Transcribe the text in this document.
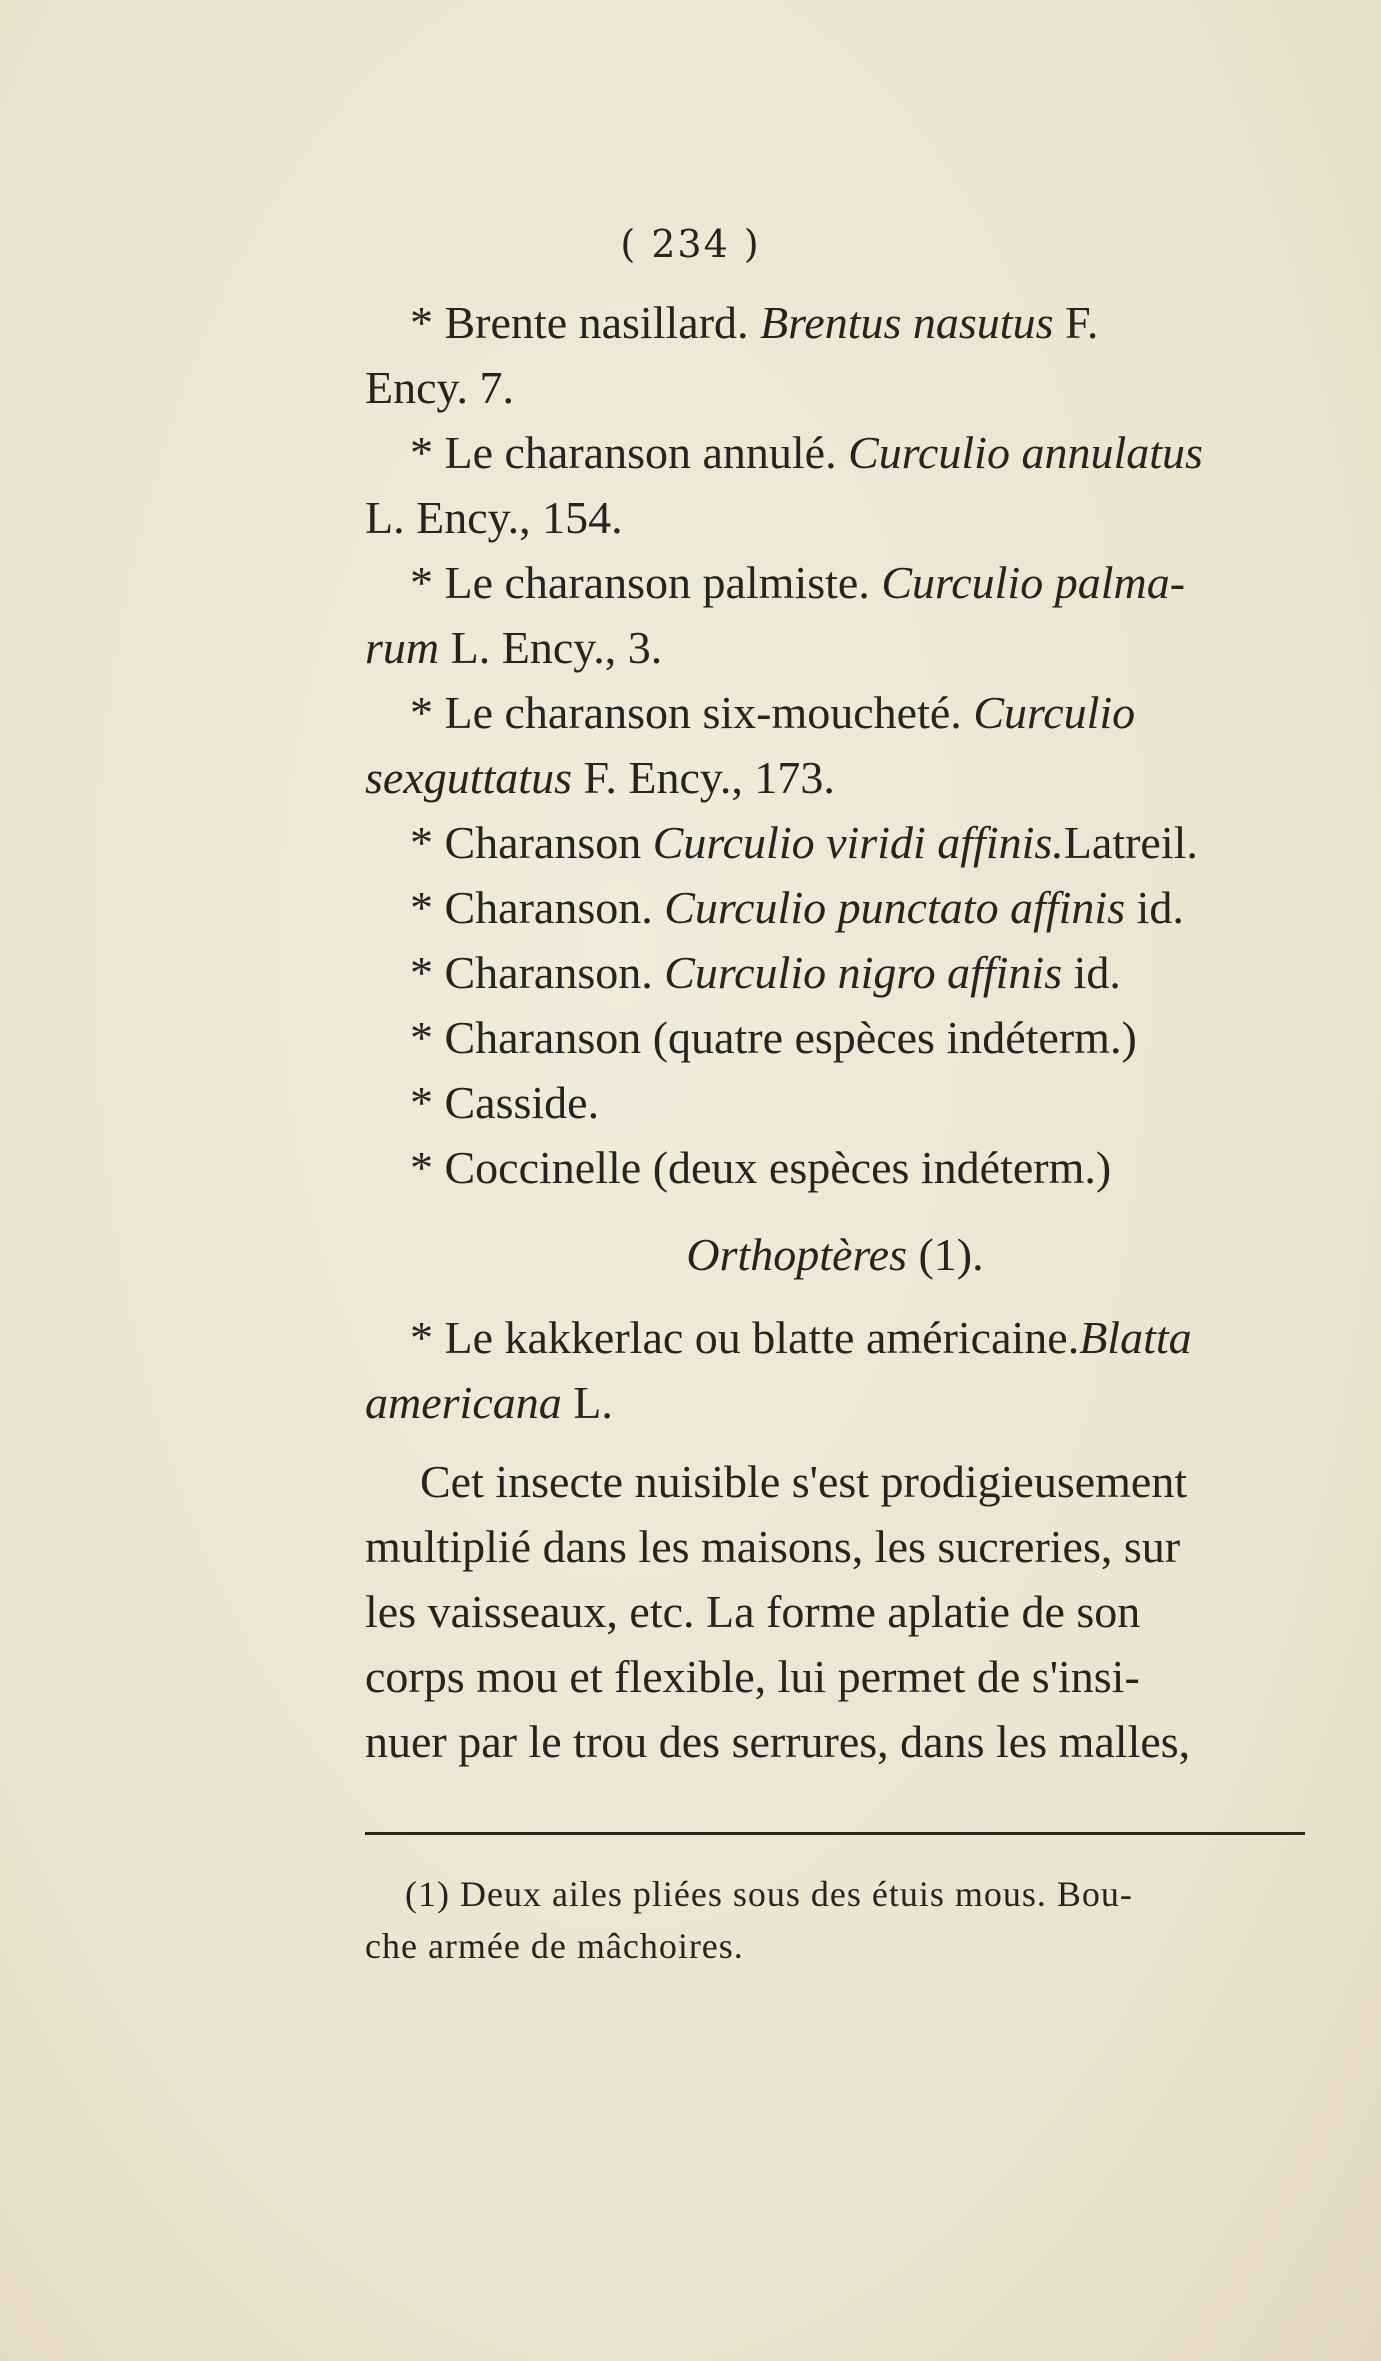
( 234 )
* Brente nasillard. Brentus nasutus F.
Ency. 7.
* Le charanson annulé. Curculio annulatus
L. Ency., 154.
* Le charanson palmiste. Curculio palma-
rum L. Ency., 3.
* Le charanson six-moucheté. Curculio
sexguttatus F. Ency., 173.
* Charanson Curculio viridi affinis.Latreil.
* Charanson. Curculio punctato affinis id.
* Charanson. Curculio nigro affinis id.
* Charanson (quatre espèces indéterm.)
* Casside.
* Coccinelle (deux espèces indéterm.)
Orthoptères (1).
* Le kakkerlac ou blatte américaine.Blatta
americana L.
Cet insecte nuisible s'est prodigieusement
multiplié dans les maisons, les sucreries, sur
les vaisseaux, etc. La forme aplatie de son
corps mou et flexible, lui permet de s'insi-
nuer par le trou des serrures, dans les malles,
(1) Deux ailes pliées sous des étuis mous. Bou-
che armée de mâchoires.
